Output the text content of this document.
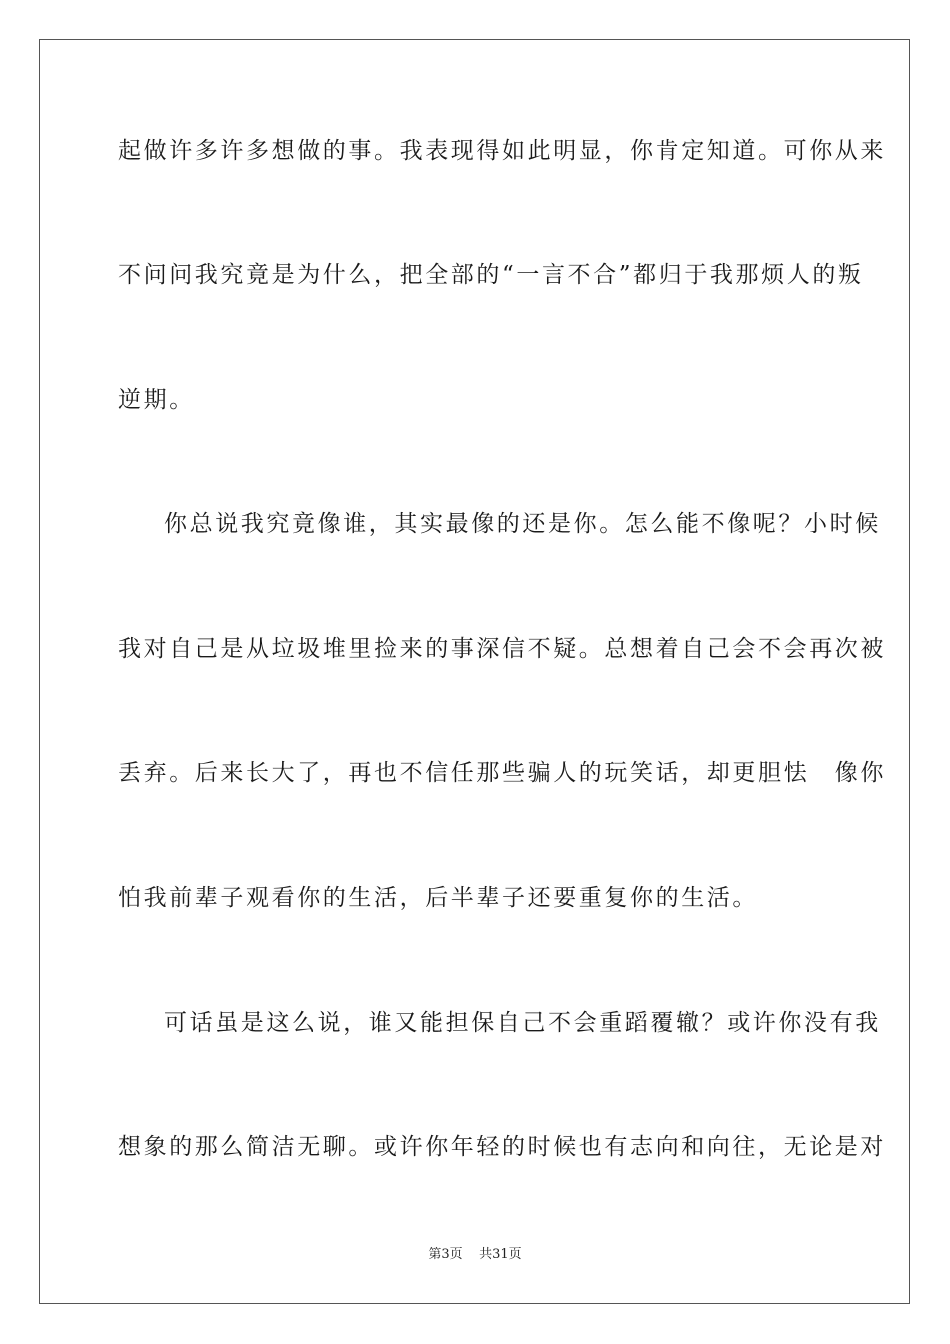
起做许多许多想做的事。我表现得如此明显，你肯定知道。可你从来
不问问我究竟是为什么，把全部的“一言不合”都归于我那烦人的叛
逆期。
你总说我究竟像谁，其实最像的还是你。怎么能不像呢？小时候
我对自己是从垃圾堆里捡来的事深信不疑。总想着自己会不会再次被
丢弃。后来长大了，再也不信任那些骗人的玩笑话，却更胆怯　像你
怕我前辈子观看你的生活，后半辈子还要重复你的生活。
可话虽是这么说，谁又能担保自己不会重蹈覆辙？或许你没有我
想象的那么简洁无聊。或许你年轻的时候也有志向和向往，无论是对
第3页 共31页
